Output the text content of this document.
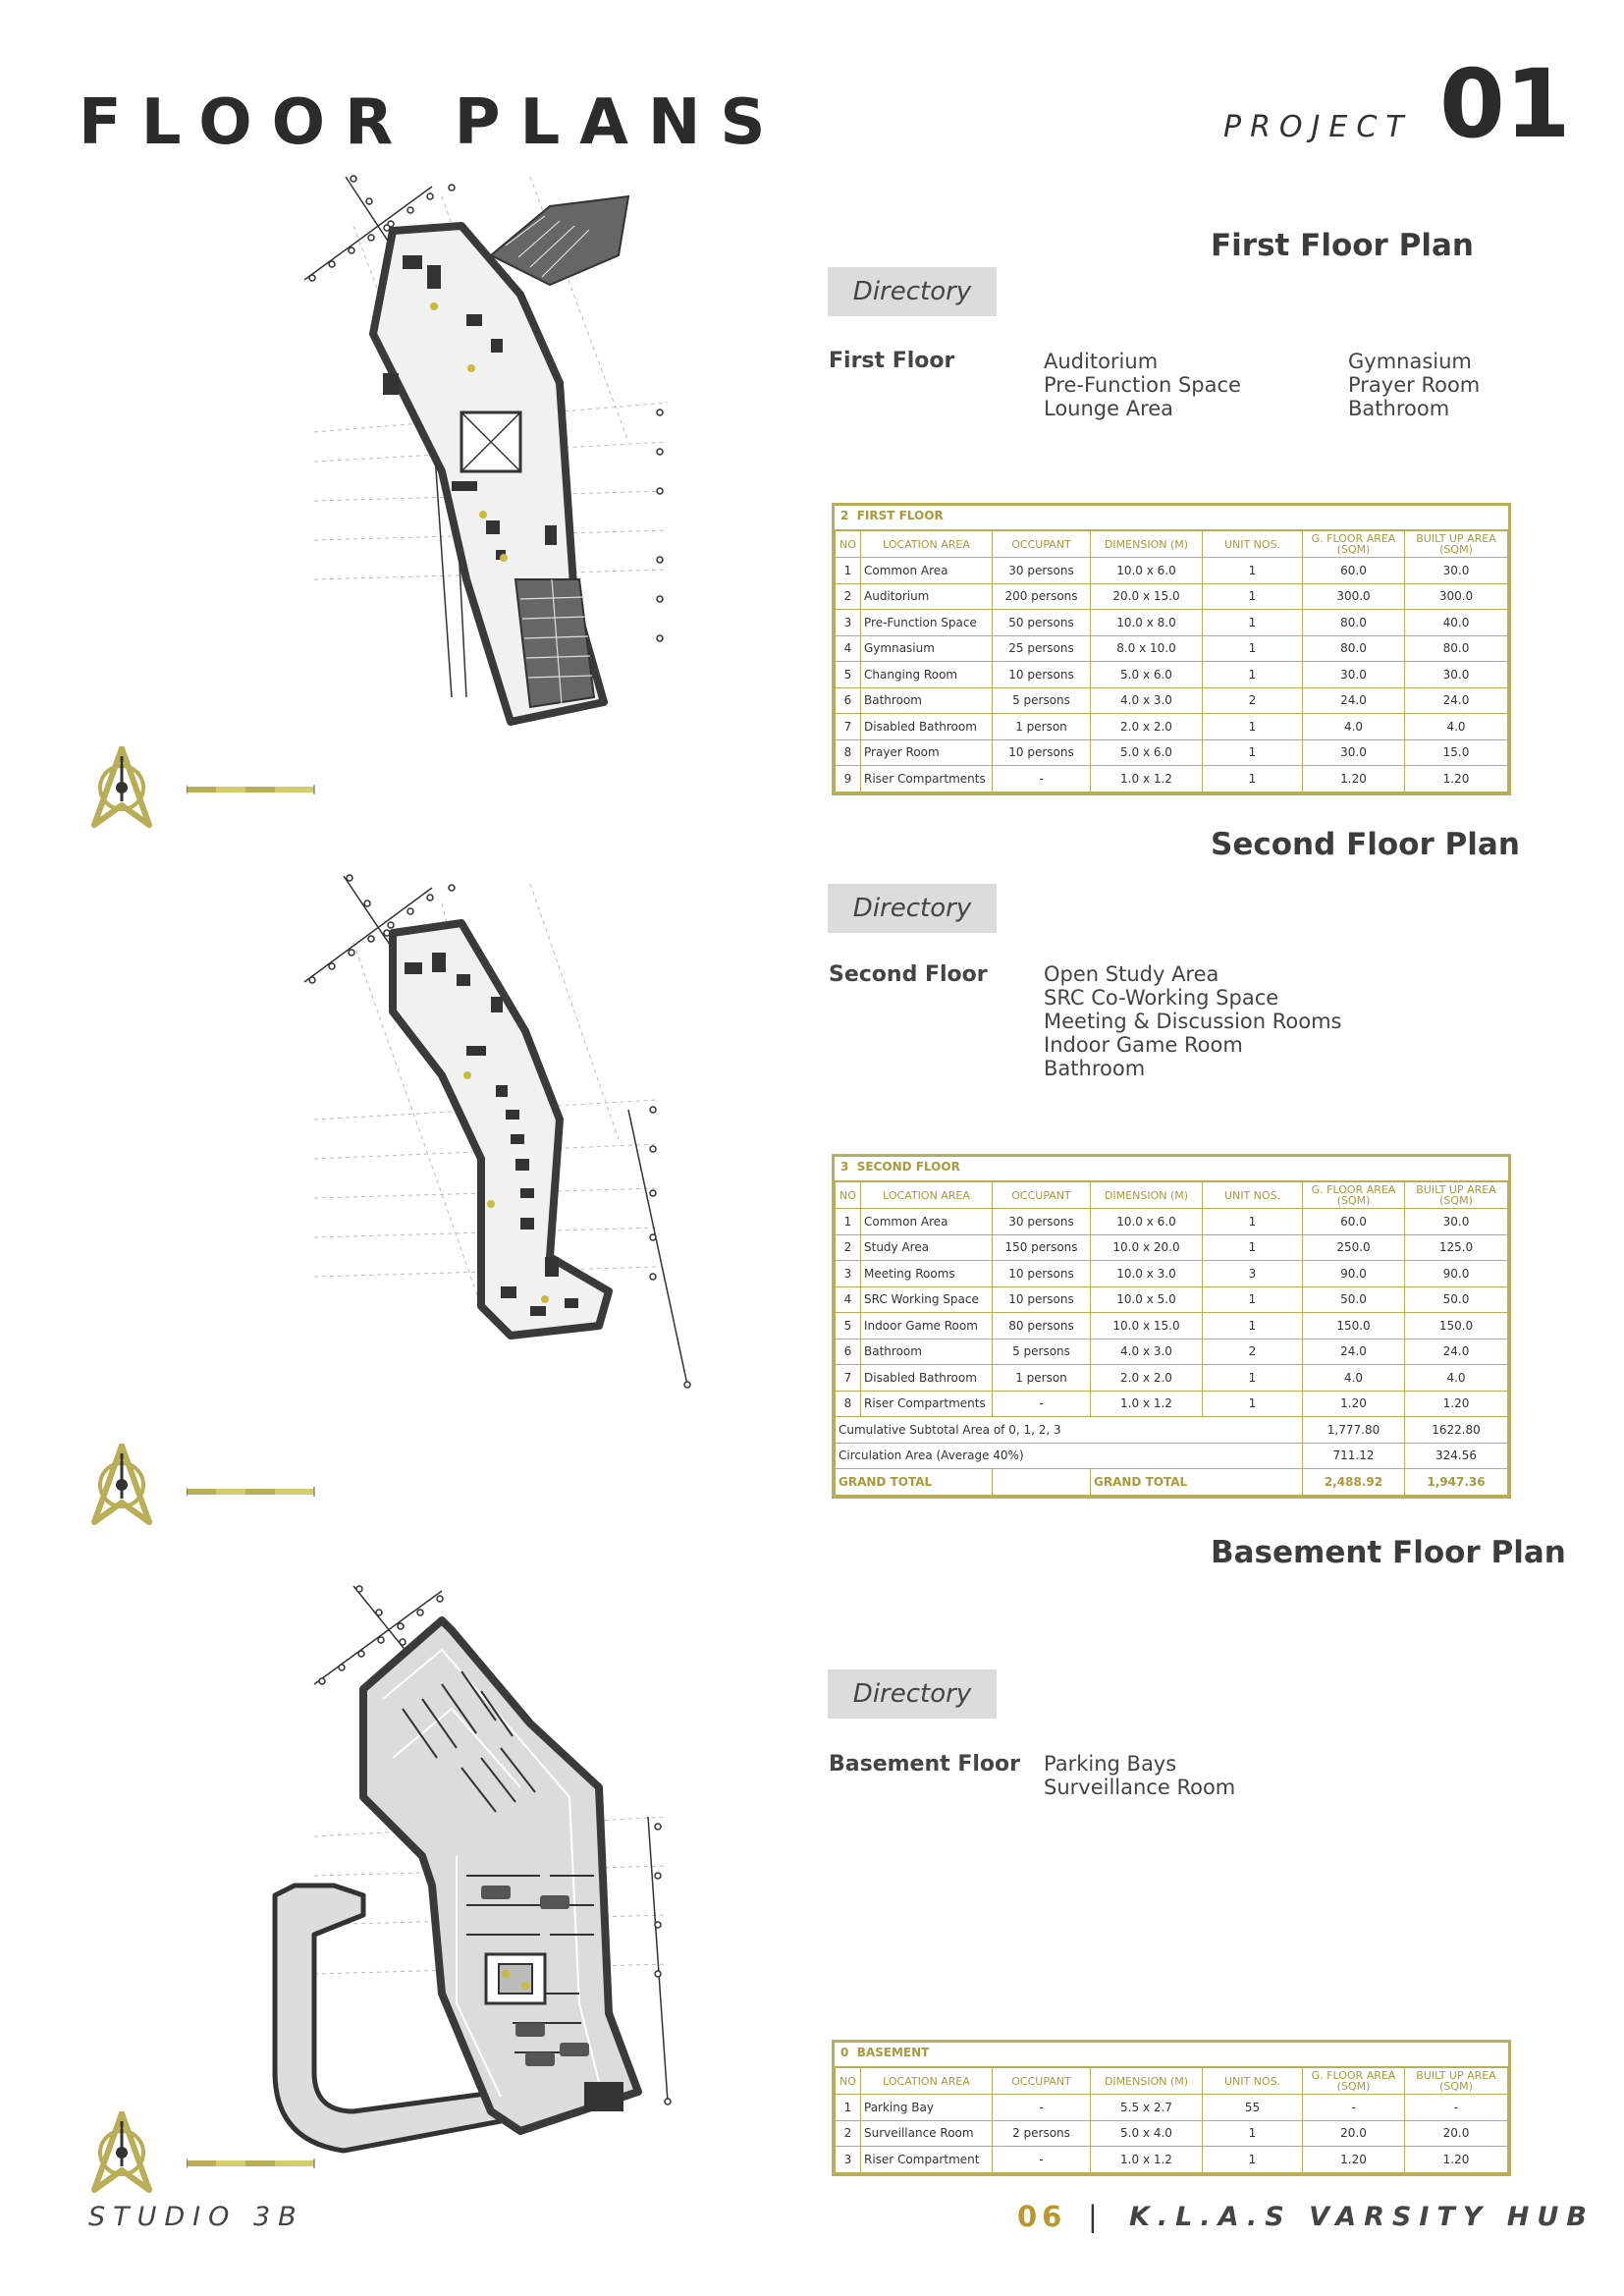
FLOOR PLANS	PROJECT 01
First Floor Plan
Directory
First Floor	Auditorium
Pre-Function Space
Lounge Area
Gymnasium
Prayer Room
Bathroom
2 FIRST FLOOR
NO	LOCATION AREA	OCCUPANT	DIMENSION (M)	UNIT NOS.	G. FLOOR AREA (SQM)	BUILT UP AREA (SQM)
1	Common Area	30 persons	10.0 x 6.0	1	60.0	30.0
2	Auditorium	200 persons	20.0 x 15.0	1	300.0	300.0
3	Pre-Function Space	50 persons	10.0 x 8.0	1	80.0	40.0
4	Gymnasium	25 persons	8.0 x 10.0	1	80.0	80.0
5	Changing Room	10 persons	5.0 x 6.0	1	30.0	30.0
6	Bathroom	5 persons	4.0 x 3.0	2	24.0	24.0
7	Disabled Bathroom	1 person	2.0 x 2.0	1	4.0	4.0
8	Prayer Room	10 persons	5.0 x 6.0	1	30.0	15.0
9	Riser Compartments	-	1.0 x 1.2	1	1.20	1.20
Second Floor Plan
Directory
Second Floor	Open Study Area
SRC Co-Working Space
Meeting & Discussion Rooms
Indoor Game Room
Bathroom
3 SECOND FLOOR
NO	LOCATION AREA	OCCUPANT	DIMENSION (M)	UNIT NOS.	G. FLOOR AREA (SQM)	BUILT UP AREA (SQM)
1	Common Area	30 persons	10.0 x 6.0	1	60.0	30.0
2	Study Area	150 persons	10.0 x 20.0	1	250.0	125.0
3	Meeting Rooms	10 persons	10.0 x 3.0	3	90.0	90.0
4	SRC Working Space	10 persons	10.0 x 5.0	1	50.0	50.0
5	Indoor Game Room	80 persons	10.0 x 15.0	1	150.0	150.0
6	Bathroom	5 persons	4.0 x 3.0	2	24.0	24.0
7	Disabled Bathroom	1 person	2.0 x 2.0	1	4.0	4.0
8	Riser Compartments	-	1.0 x 1.2	1	1.20	1.20
Cumulative Subtotal Area of 0, 1, 2, 3					1,777.80	1622.80
Circulation Area (Average 40%)					711.12	324.56
GRAND TOTAL			GRAND TOTAL		2,488.92	1,947.36
Basement Floor Plan
Directory
Basement Floor Parking Bays
Surveillance Room
0 BASEMENT
NO	LOCATION AREA	OCCUPANT	DIMENSION (M)	UNIT NOS.	G. FLOOR AREA (SQM)	BUILT UP AREA (SQM)
1	Parking Bay	-	5.5 x 2.7	55	-	-
2	Surveillance Room	2 persons	5.0 x 4.0	1	20.0	20.0
3	Riser Compartment	-	1.0 x 1.2	1	1.20	1.20
STUDIO 3B	06 | K.L.A.S VARSITY HUB
